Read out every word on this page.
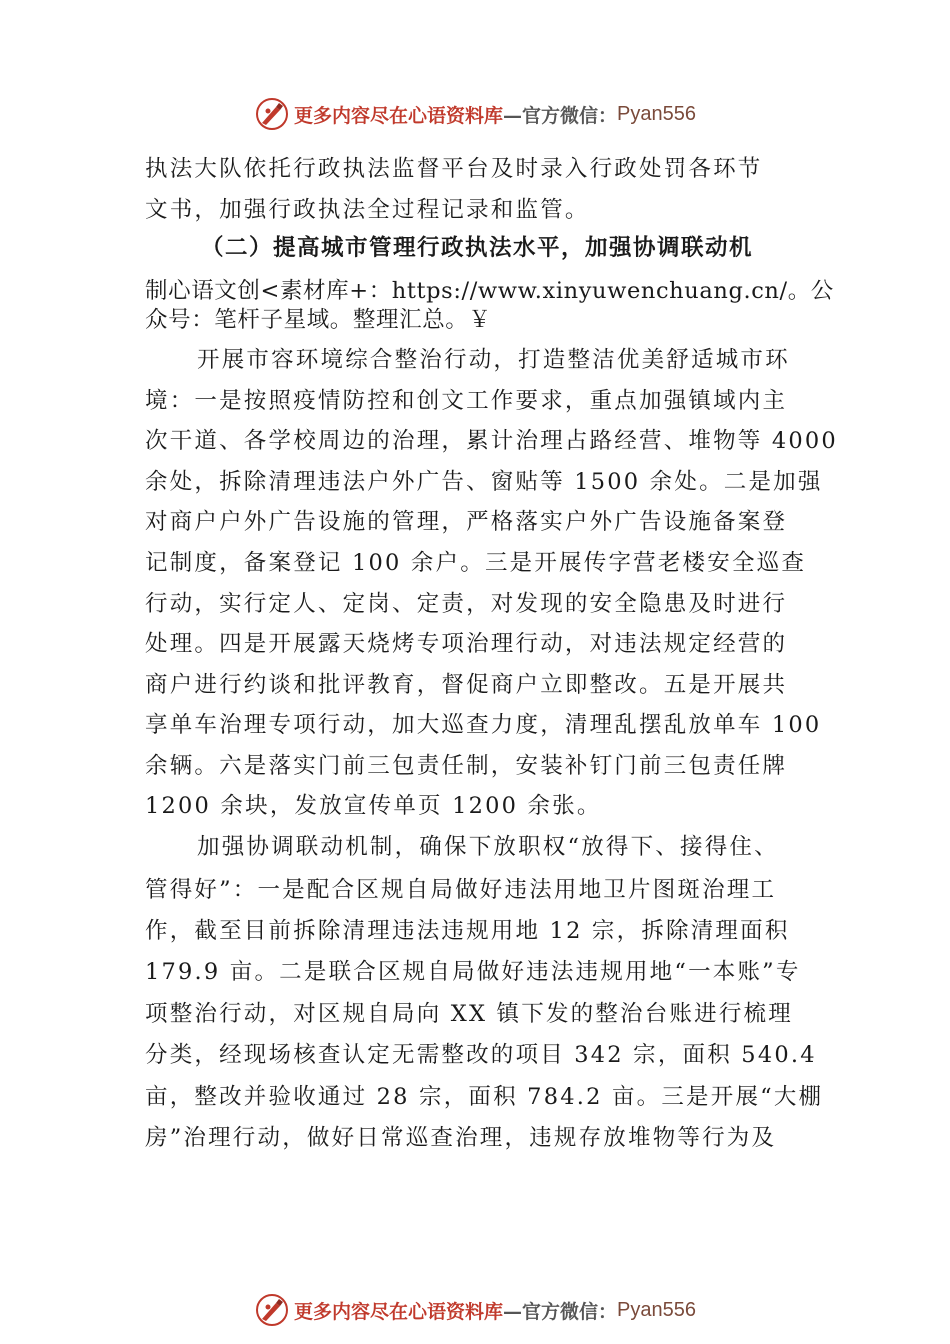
更多内容尽在心语资料库 —官方微信： Pyan556
执法大队依托行政执法监督平台及时录入行政处罚各环节
文书，加强行政执法全过程记录和监管。
（二）提高城市管理行政执法水平，加强协调联动机
制心语文创<素材库+：https://www.xinyuwenchuang.cn/。公
众号：笔杆子星域。整理汇总。￥
开展市容环境综合整治行动，打造整洁优美舒适城市环
境：一是按照疫情防控和创文工作要求，重点加强镇域内主
次干道、各学校周边的治理，累计治理占路经营、堆物等 4000
余处，拆除清理违法户外广告、窗贴等 1500 余处。二是加强
对商户户外广告设施的管理，严格落实户外广告设施备案登
记制度，备案登记 100 余户。三是开展传字营老楼安全巡查
行动，实行定人、定岗、定责，对发现的安全隐患及时进行
处理。四是开展露天烧烤专项治理行动，对违法规定经营的
商户进行约谈和批评教育，督促商户立即整改。五是开展共
享单车治理专项行动，加大巡查力度，清理乱摆乱放单车 100
余辆。六是落实门前三包责任制，安装补钉门前三包责任牌
1200 余块，发放宣传单页 1200 余张。
加强协调联动机制，确保下放职权“放得下、接得住、
管得好”：一是配合区规自局做好违法用地卫片图斑治理工
作，截至目前拆除清理违法违规用地 12 宗，拆除清理面积
179.9 亩。二是联合区规自局做好违法违规用地“一本账”专
项整治行动，对区规自局向 XX 镇下发的整治台账进行梳理
分类，经现场核查认定无需整改的项目 342 宗，面积 540.4
亩，整改并验收通过 28 宗，面积 784.2 亩。三是开展“大棚
房”治理行动，做好日常巡查治理，违规存放堆物等行为及
更多内容尽在心语资料库 —官方微信： Pyan556
